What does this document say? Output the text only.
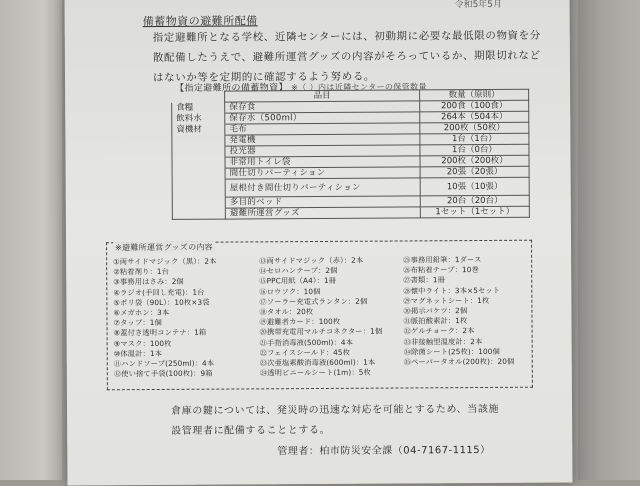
令和5年5月
備蓄物資の避難所配備
指定避難所となる学校、近隣センターには、初動期に必要な最低限の物資を分散配備したうえで、避難所運営グッズの内容がそろっているか、期限切れなどはないか等を定期的に確認するよう努める。
【指定避難所の備蓄物資】 ※（ ）内は近隣センターの保管数量
	品目	数量（原則）
食糧	保存食	200食（100食）
飲料水	保存水（500ml）	264本（504本）
資機材	毛布	200枚（50枚）
	発電機	1台（1台）
	投光器	1台（0台）
	非常用トイレ袋	200枚（200枚）
	間仕切りパーティション	20張（20張）
	屋根付き間仕切りパーティション	10張（10張）
	多目的ベッド	20台（20台）
	避難所運営グッズ	1セット（1セット）
※避難所運営グッズの内容
①両サイドマジック（黒）：2本
②粘着剤り：1台
③事務用はさみ：2個
④ラジオ(手回し充電)：1台
⑤ポリ袋（90L）：10枚×3袋
⑥メガホン：3本
⑦タップ：1個
⑧蓋付き透明コンテナ：1箱
⑨マスク：100枚
⑩体温計：1本
⑪ハンドソープ(250ml)：4本
⑫使い捨て手袋(100枚)：9箱
⑬両サイドマジック（赤）：2本
⑭セロハンテープ：2個
⑮PPC用紙（A4）：1冊
⑯ロウソク：10個
⑰ソーラー充電式ランタン：2個
⑱タオル：20枚
⑲避難者カード：100枚
⑳携帯充電用マルチコネクター：1個
㉑手指消毒液(500ml)：4本
㉒フェイスシールド：45枚
㉓次亜塩素酸消毒液(600ml)：1本
㉔透明ビニールシート(1m)：5枚
㉕事務用鉛筆：1ダース
㉖布粘着テープ：10巻
㉗書類：1冊
㉘懐中ライト：3本×5セット
㉙マグネットシート：1枚
㉚掲示バケツ：2個
㉛脈拍酸素計：1枚
㉜ゲルチョーク：2本
㉝非接触型温度計：2本
㉞除菌シート(25枚)：100個
㉟ペーパータオル(200枚)：20個
倉庫の鍵については、発災時の迅速な対応を可能とするため、当該施設管理者に配備することとする。
管理者：柏市防災安全課（04-7167-1115）
